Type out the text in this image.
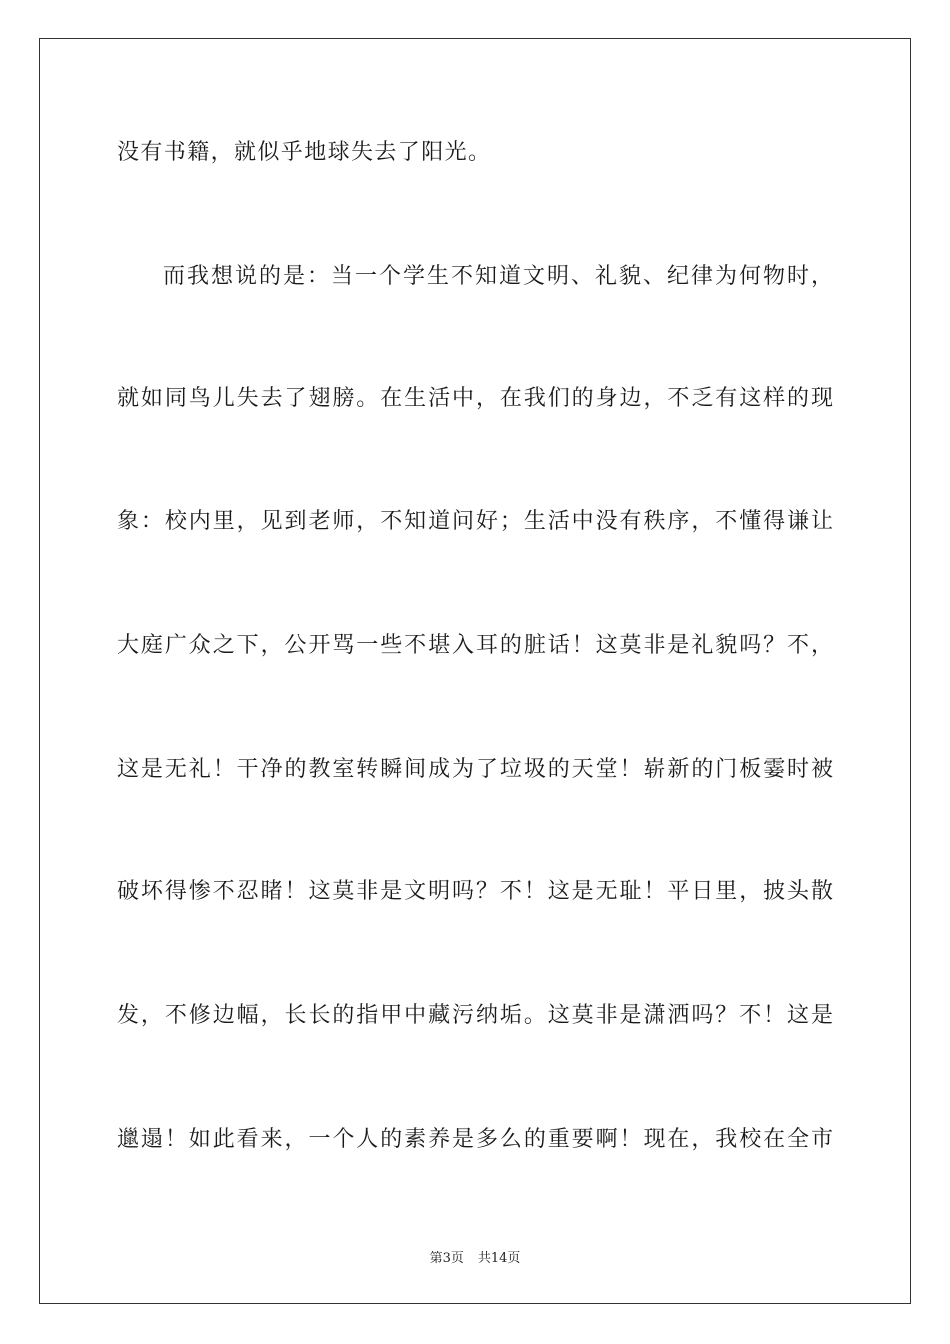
没有书籍，就似乎地球失去了阳光。
而我想说的是：当一个学生不知道文明、礼貌、纪律为何物时，
就如同鸟儿失去了翅膀。在生活中，在我们的身边，不乏有这样的现
象：校内里，见到老师，不知道问好；生活中没有秩序，不懂得谦让
大庭广众之下，公开骂一些不堪入耳的脏话！这莫非是礼貌吗？不，
这是无礼！干净的教室转瞬间成为了垃圾的天堂！崭新的门板霎时被
破坏得惨不忍睹！这莫非是文明吗？不！这是无耻！平日里，披头散
发，不修边幅，长长的指甲中藏污纳垢。这莫非是潇洒吗？不！这是
邋遢！如此看来，一个人的素养是多么的重要啊！现在，我校在全市
第3页 共14页
